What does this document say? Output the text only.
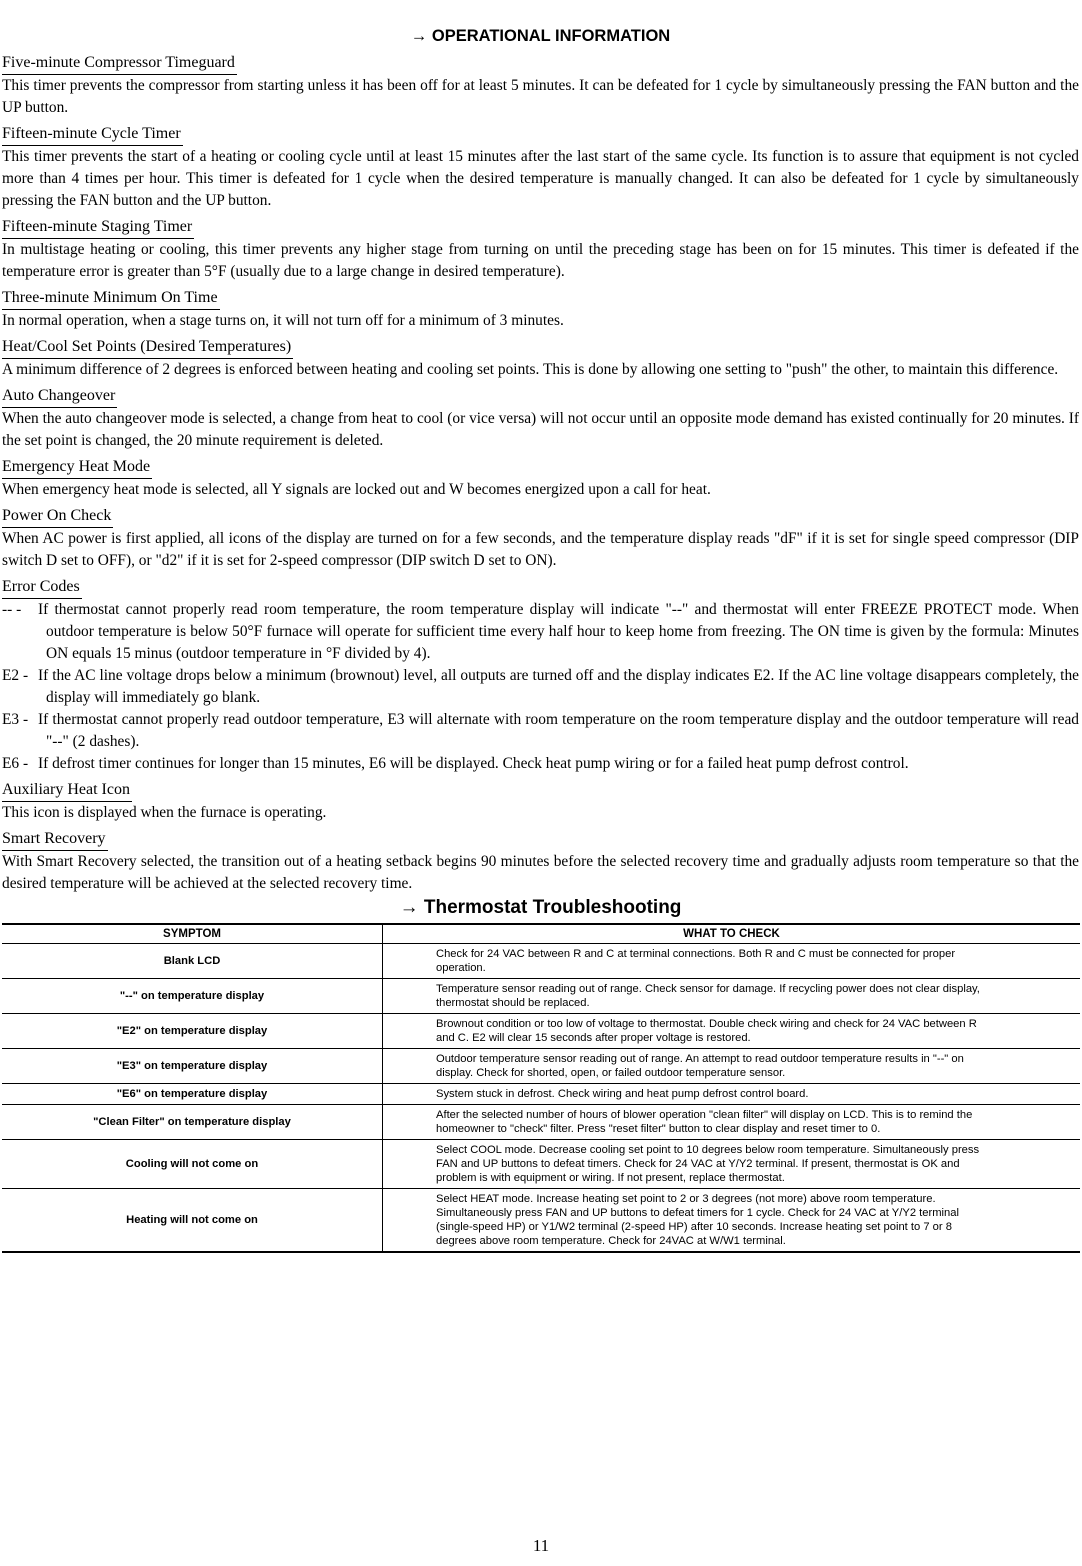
→ OPERATIONAL INFORMATION
Five-minute Compressor Timeguard
This timer prevents the compressor from starting unless it has been off for at least 5 minutes. It can be defeated for 1 cycle by simultaneously pressing the FAN button and the UP button.
Fifteen-minute Cycle Timer
This timer prevents the start of a heating or cooling cycle until at least 15 minutes after the last start of the same cycle. Its function is to assure that equipment is not cycled more than 4 times per hour. This timer is defeated for 1 cycle when the desired temperature is manually changed. It can also be defeated for 1 cycle by simultaneously pressing the FAN button and the UP button.
Fifteen-minute Staging Timer
In multistage heating or cooling, this timer prevents any higher stage from turning on until the preceding stage has been on for 15 minutes. This timer is defeated if the temperature error is greater than 5°F (usually due to a large change in desired temperature).
Three-minute Minimum On Time
In normal operation, when a stage turns on, it will not turn off for a minimum of 3 minutes.
Heat/Cool Set Points (Desired Temperatures)
A minimum difference of 2 degrees is enforced between heating and cooling set points. This is done by allowing one setting to "push" the other, to maintain this difference.
Auto Changeover
When the auto changeover mode is selected, a change from heat to cool (or vice versa) will not occur until an opposite mode demand has existed continually for 20 minutes. If the set point is changed, the 20 minute requirement is deleted.
Emergency Heat Mode
When emergency heat mode is selected, all Y signals are locked out and W becomes energized upon a call for heat.
Power On Check
When AC power is first applied, all icons of the display are turned on for a few seconds, and the temperature display reads "dF" if it is set for single speed compressor (DIP switch D set to OFF), or "d2" if it is set for 2-speed compressor (DIP switch D set to ON).
Error Codes
-- -	If thermostat cannot properly read room temperature, the room temperature display will indicate "--" and thermostat will enter FREEZE PROTECT mode. When outdoor temperature is below 50°F furnace will operate for sufficient time every half hour to keep home from freezing. The ON time is given by the formula: Minutes ON equals 15 minus (outdoor temperature in °F divided by 4).
E2 - If the AC line voltage drops below a minimum (brownout) level, all outputs are turned off and the display indicates E2. If the AC line voltage disappears completely, the display will immediately go blank.
E3 - If thermostat cannot properly read outdoor temperature, E3 will alternate with room temperature on the room temperature display and the outdoor temperature will read "--" (2 dashes).
E6 - If defrost timer continues for longer than 15 minutes, E6 will be displayed. Check heat pump wiring or for a failed heat pump defrost control.
Auxiliary Heat Icon
This icon is displayed when the furnace is operating.
Smart Recovery
With Smart Recovery selected, the transition out of a heating setback begins 90 minutes before the selected recovery time and gradually adjusts room temperature so that the desired temperature will be achieved at the selected recovery time.
→ Thermostat Troubleshooting
SYMPTOM	WHAT TO CHECK
Blank LCD	Check for 24 VAC between R and C at terminal connections. Both R and C must be connected for proper operation.
"--" on temperature display	Temperature sensor reading out of range. Check sensor for damage. If recycling power does not clear display, thermostat should be replaced.
"E2" on temperature display	Brownout condition or too low of voltage to thermostat. Double check wiring and check for 24 VAC between R and C. E2 will clear 15 seconds after proper voltage is restored.
"E3" on temperature display	Outdoor temperature sensor reading out of range. An attempt to read outdoor temperature results in "--" on display. Check for shorted, open, or failed outdoor temperature sensor.
"E6" on temperature display	System stuck in defrost. Check wiring and heat pump defrost control board.
"Clean Filter" on temperature display	After the selected number of hours of blower operation "clean filter" will display on LCD. This is to remind the homeowner to "check" filter. Press "reset filter" button to clear display and reset timer to 0.
Cooling will not come on	Select COOL mode. Decrease cooling set point to 10 degrees below room temperature. Simultaneously press FAN and UP buttons to defeat timers. Check for 24 VAC at Y/Y2 terminal. If present, thermostat is OK and problem is with equipment or wiring. If not present, replace thermostat.
Heating will not come on	Select HEAT mode. Increase heating set point to 2 or 3 degrees (not more) above room temperature. Simultaneously press FAN and UP buttons to defeat timers for 1 cycle. Check for 24 VAC at Y/Y2 terminal (single-speed HP) or Y1/W2 terminal (2-speed HP) after 10 seconds. Increase heating set point to 7 or 8 degrees above room temperature. Check for 24VAC at W/W1 terminal.
11
